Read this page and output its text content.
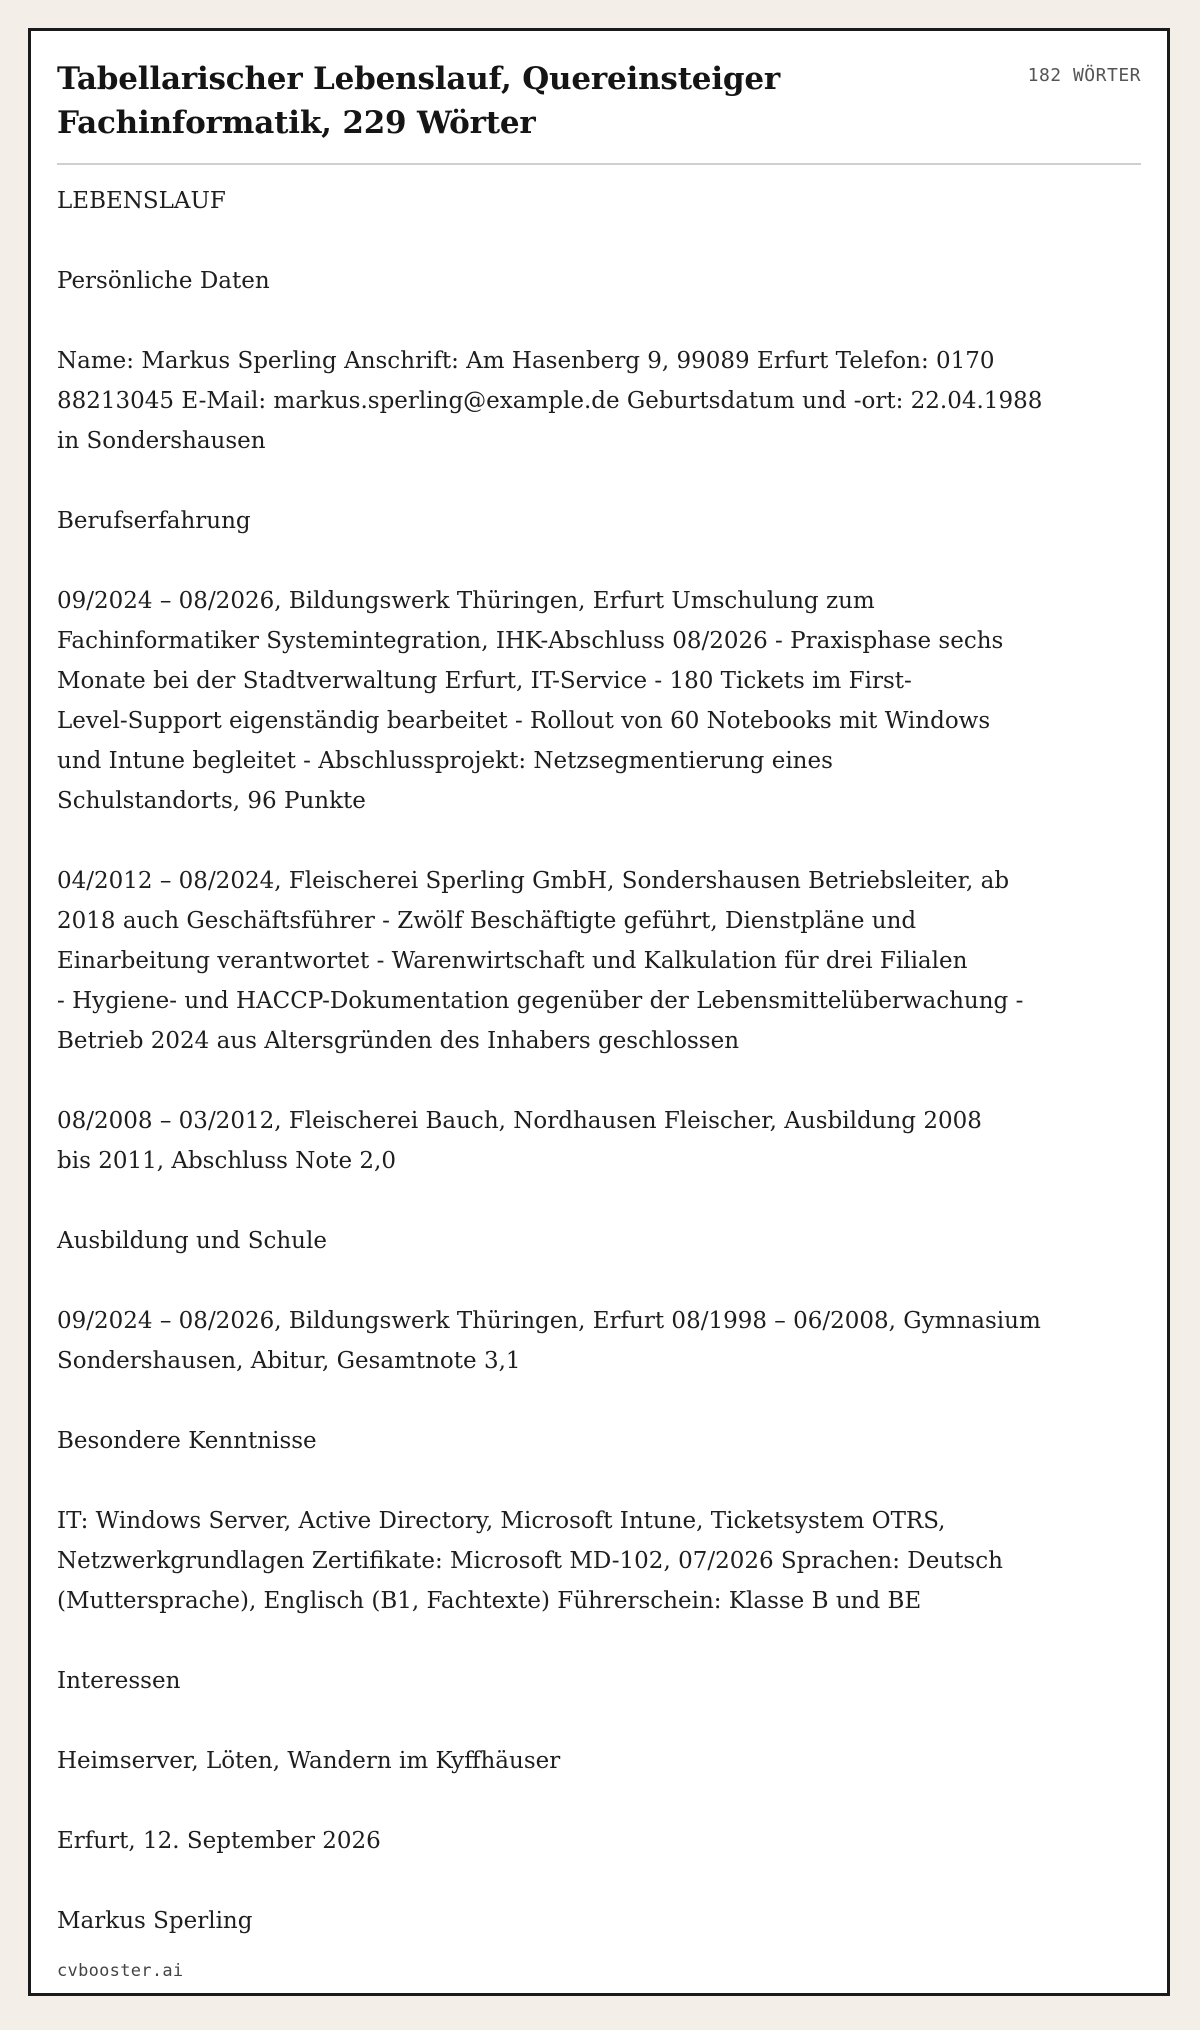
Tabellarischer Lebenslauf, Quereinsteiger
Fachinformatik, 229 Wörter
182 WÖRTER

LEBENSLAUF

Persönliche Daten

Name: Markus Sperling Anschrift: Am Hasenberg 9, 99089 Erfurt Telefon: 0170
88213045 E-Mail: markus.sperling@example.de Geburtsdatum und -ort: 22.04.1988
in Sondershausen

Berufserfahrung

09/2024 – 08/2026, Bildungswerk Thüringen, Erfurt Umschulung zum
Fachinformatiker Systemintegration, IHK-Abschluss 08/2026 - Praxisphase sechs
Monate bei der Stadtverwaltung Erfurt, IT-Service - 180 Tickets im First-
Level-Support eigenständig bearbeitet - Rollout von 60 Notebooks mit Windows
und Intune begleitet - Abschlussprojekt: Netzsegmentierung eines
Schulstandorts, 96 Punkte

04/2012 – 08/2024, Fleischerei Sperling GmbH, Sondershausen Betriebsleiter, ab
2018 auch Geschäftsführer - Zwölf Beschäftigte geführt, Dienstpläne und
Einarbeitung verantwortet - Warenwirtschaft und Kalkulation für drei Filialen
- Hygiene- und HACCP-Dokumentation gegenüber der Lebensmittelüberwachung -
Betrieb 2024 aus Altersgründen des Inhabers geschlossen

08/2008 – 03/2012, Fleischerei Bauch, Nordhausen Fleischer, Ausbildung 2008
bis 2011, Abschluss Note 2,0

Ausbildung und Schule

09/2024 – 08/2026, Bildungswerk Thüringen, Erfurt 08/1998 – 06/2008, Gymnasium
Sondershausen, Abitur, Gesamtnote 3,1

Besondere Kenntnisse

IT: Windows Server, Active Directory, Microsoft Intune, Ticketsystem OTRS,
Netzwerkgrundlagen Zertifikate: Microsoft MD-102, 07/2026 Sprachen: Deutsch
(Muttersprache), Englisch (B1, Fachtexte) Führerschein: Klasse B und BE

Interessen

Heimserver, Löten, Wandern im Kyffhäuser

Erfurt, 12. September 2026

Markus Sperling

cvbooster.ai
